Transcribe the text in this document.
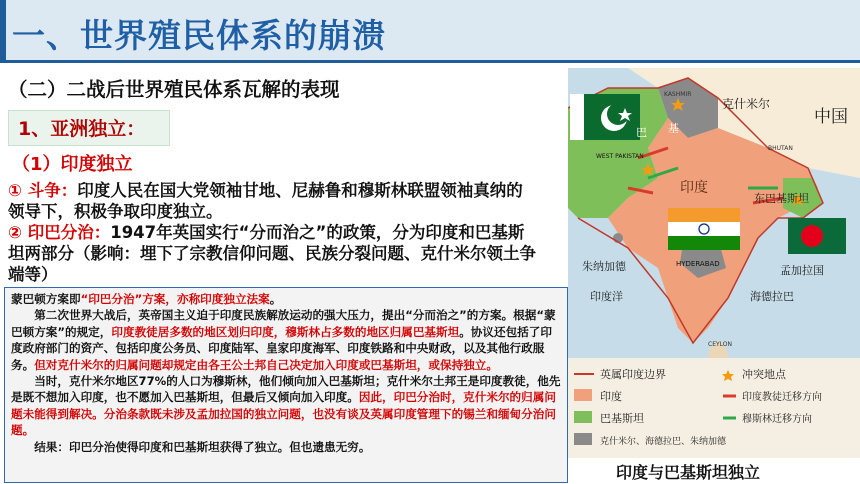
一、世界殖民体系的崩溃
（二）二战后世界殖民体系瓦解的表现
1、亚洲独立：
（1）印度独立
① 斗争：印度人民在国大党领袖甘地、尼赫鲁和穆斯林联盟领袖真纳的领导下，积极争取印度独立。
② 印巴分治：1947年英国实行“分而治之”的政策，分为印度和巴基斯坦两部分（影响：埋下了宗教信仰问题、民族分裂问题、克什米尔领土争端等）

蒙巴顿方案即“印巴分治”方案，亦称印度独立法案。

第二次世界大战后，英帝国主义迫于印度民族解放运动的强大压力，提出“分而治之”的方案。根据“蒙巴顿方案”的规定，印度教徒居多数的地区划归印度，穆斯林占多数的地区归属巴基斯坦。协议还包括了印度政府部门的资产、包括印度公务员、印度陆军、皇家印度海军、印度铁路和中央财政，以及其他行政服务。但对克什米尔的归属问题却规定由各王公土邦自己决定加入印度或巴基斯坦，或保持独立。

当时，克什米尔地区77%的人口为穆斯林，他们倾向加入巴基斯坦；克什米尔土邦王是印度教徒，他先是既不想加入印度，也不愿加入巴基斯坦，但最后又倾向加入印度。因此，印巴分治时，克什米尔的归属问题未能得到解决。分治条款既未涉及孟加拉国的独立问题，也没有谈及英属印度管理下的锡兰和缅甸分治问题。

结果：印巴分治使得印度和巴基斯坦获得了独立。但也遗患无穷。

克什米尔
中国
KASHMIR
WEST PAKISTAN
BHUTAN
印度
东巴基斯坦
HYDERABAD
朱纳加德	孟加拉国
印度洋	海德拉巴
CEYLON
巴 基
英属印度边界	冲突地点
印度	印度教徒迁移方向
巴基斯坦	穆斯林迁移方向
克什米尔、海德拉巴、朱纳加德
印度与巴基斯坦独立
